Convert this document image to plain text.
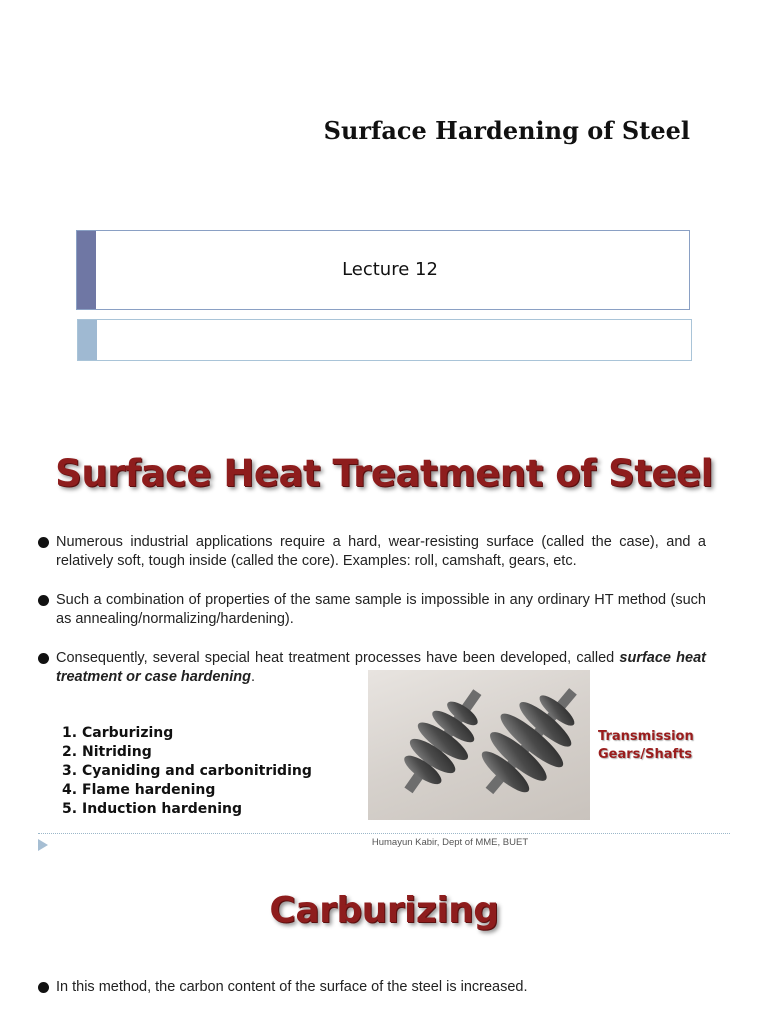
Surface Hardening of Steel
Lecture 12
Surface Heat Treatment of Steel
Numerous industrial applications require a hard, wear-resisting surface (called the case), and a relatively soft, tough inside (called the core). Examples: roll, camshaft, gears, etc.
Such a combination of properties of the same sample is impossible in any ordinary HT method (such as annealing/normalizing/hardening).
Consequently, several special heat treatment processes have been developed, called surface heat treatment or case hardening.
1. Carburizing
2. Nitriding
3. Cyaniding and carbonitriding
4. Flame hardening
5. Induction hardening
Transmission
Gears/Shafts
Humayun Kabir, Dept of MME, BUET
Carburizing
In this method, the carbon content of the surface of the steel is increased.
